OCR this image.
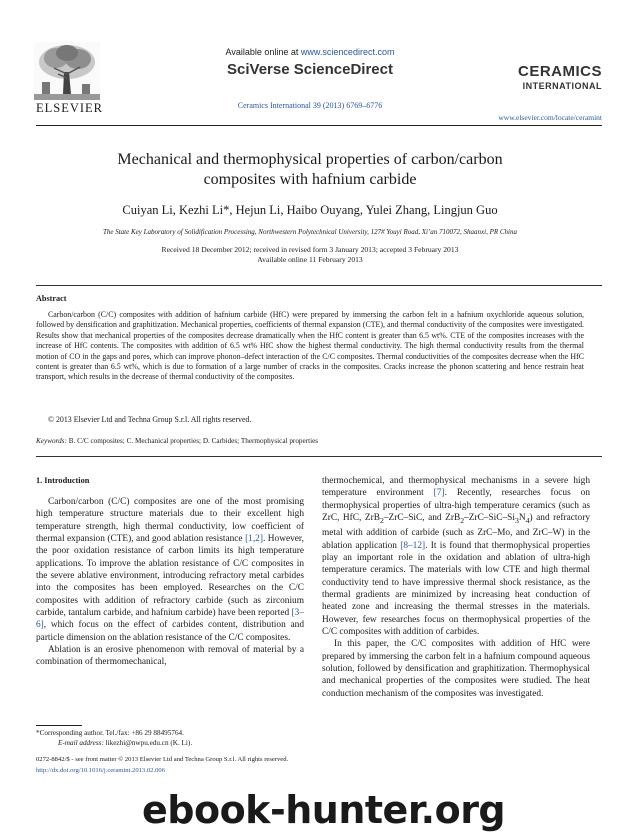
ELSEVIER
Available online at www.sciencedirect.com
SciVerse ScienceDirect
Ceramics International 39 (2013) 6769–6776
CERAMICS
INTERNATIONAL
www.elsevier.com/locate/ceramint
Mechanical and thermophysical properties of carbon/carbon
composites with hafnium carbide
Cuiyan Li, Kezhi Li*, Hejun Li, Haibo Ouyang, Yulei Zhang, Lingjun Guo
The State Key Laboratory of Solidification Processing, Northwestern Polytechnical University, 127# Youyi Road, Xi’an 710072, Shaanxi, PR China
Received 18 December 2012; received in revised form 3 January 2013; accepted 3 February 2013
Available online 11 February 2013
Abstract
Carbon/carbon (C/C) composites with addition of hafnium carbide (HfC) were prepared by immersing the carbon felt in a hafnium oxychloride aqueous solution, followed by densification and graphitization. Mechanical properties, coefficients of thermal expansion (CTE), and thermal conductivity of the composites were investigated. Results show that mechanical properties of the composites decrease dramatically when the HfC content is greater than 6.5 wt%. CTE of the composites increases with the increase of HfC contents. The composites with addition of 6.5 wt% HfC show the highest thermal conductivity. The high thermal conductivity results from the thermal motion of CO in the gaps and pores, which can improve phonon–defect interaction of the C/C composites. Thermal conductivities of the composites decrease when the HfC content is greater than 6.5 wt%, which is due to formation of a large number of cracks in the composites. Cracks increase the phonon scattering and hence restrain heat transport, which results in the decrease of thermal conductivity of the composites.
© 2013 Elsevier Ltd and Techna Group S.r.l. All rights reserved.
Keywords: B. C/C composites; C. Mechanical properties; D. Carbides; Thermophysical properties
1. Introduction

Carbon/carbon (C/C) composites are one of the most promising high temperature structure materials due to their excellent high temperature strength, high thermal conductivity, low coefficient of thermal expansion (CTE), and good ablation resistance [1,2]. However, the poor oxidation resistance of carbon limits its high temperature applications. To improve the ablation resistance of C/C composites in the severe ablative environment, introducing refractory metal carbides into the composites has been employed. Researches on the C/C composites with addition of refractory carbide (such as zirconium carbide, tantalum carbide, and hafnium carbide) have been reported [3–6], which focus on the effect of carbides content, distribution and particle dimension on the ablation resistance of the C/C composites.

Ablation is an erosive phenomenon with removal of material by a combination of thermomechanical,

thermochemical, and thermophysical mechanisms in a severe high temperature environment [7]. Recently, researches focus on thermophysical properties of ultra-high temperature ceramics (such as ZrC, HfC, ZrB$_2$–ZrC–SiC, and $ZrB_2-ZrC-SiC-Si_3N_4$) and refractory metal with addition of carbide (such as ZrC–Mo, and ZrC–W) in the ablation application [8–12]. It is found that thermophysical properties play an important role in the oxidation and ablation of ultra-high temperature ceramics. The materials with low CTE and high thermal conductivity tend to have impressive thermal shock resistance, as the thermal gradients are minimized by increasing heat conduction of heated zone and increasing the thermal stresses in the materials. However, few researches focus on thermophysical properties of the C/C composites with addition of carbides.

In this paper, the C/C composites with addition of HfC were prepared by immersing the carbon felt in a hafnium compound aqueous solution, followed by densification and graphitization. Thermophysical and mechanical properties of the composites were studied. The heat conduction mechanism of the composites was investigated.

*Corresponding author. Tel./fax: +86 29 88495764.
E-mail address: likezhi@nwpu.edu.cn (K. Li).
0272-8842/$ - see front matter © 2013 Elsevier Ltd and Techna Group S.r.l. All rights reserved.
http://dx.doi.org/10.1016/j.ceramint.2013.02.006
ebook-hunter.org
